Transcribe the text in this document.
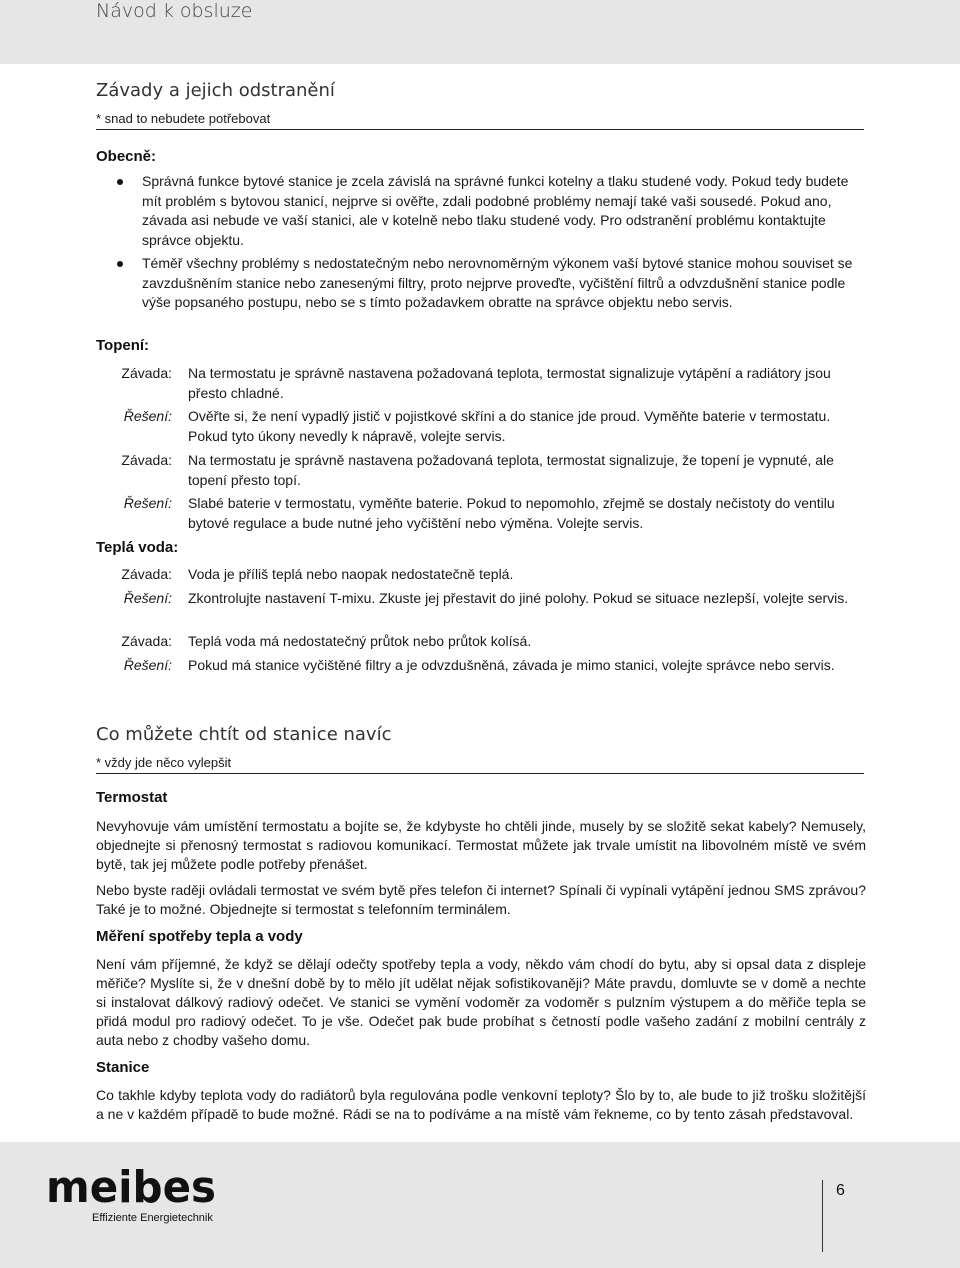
Návod k obsluze
Závady a jejich odstranění
* snad to nebudete potřebovat
Obecně:
Správná funkce bytové stanice je zcela závislá na správné funkci kotelny a tlaku studené vody. Pokud tedy budete mít problém s bytovou stanicí, nejprve si ověřte, zdali podobné problémy nemají také vaši sousedé. Pokud ano, závada asi nebude ve vaší stanici, ale v kotelně nebo tlaku studené vody. Pro odstranění problému kontaktujte správce objektu.
Téměř všechny problémy s nedostatečným nebo nerovnoměrným výkonem vaší bytové stanice mohou souviset se zavzdušněním stanice nebo zanesenými filtry, proto nejprve proveďte, vyčištění filtrů a odvzdušnění stanice podle výše popsaného postupu, nebo se s tímto požadavkem obratte na správce objektu nebo servis.
Topení:
Závada: Na termostatu je správně nastavena požadovaná teplota, termostat signalizuje vytápění a radiátory jsou přesto chladné.
Řešení: Ověřte si, že není vypadlý jistič v pojistkové skříni a do stanice jde proud. Vyměňte baterie v termostatu. Pokud tyto úkony nevedly k nápravě, volejte servis.
Závada: Na termostatu je správně nastavena požadovaná teplota, termostat signalizuje, že topení je vypnuté, ale topení přesto topí.
Řešení: Slabé baterie v termostatu, vyměňte baterie. Pokud to nepomohlo, zřejmě se dostaly nečistoty do ventilu bytové regulace a bude nutné jeho vyčištění nebo výměna. Volejte servis.
Teplá voda:
Závada: Voda je příliš teplá nebo naopak nedostatečně teplá.
Řešení: Zkontrolujte nastavení T-mixu. Zkuste jej přestavit do jiné polohy. Pokud se situace nezlepší, volejte servis.
Závada: Teplá voda má nedostatečný průtok nebo průtok kolísá.
Řešení: Pokud má stanice vyčištěné filtry a je odvzdušněná, závada je mimo stanici, volejte správce nebo servis.
Co můžete chtít od stanice navíc
* vždy jde něco vylepšit
Termostat
Nevyhovuje vám umístění termostatu a bojíte se, že kdybyste ho chtěli jinde, musely by se složitě sekat kabely? Nemusely, objednejte si přenosný termostat s radiovou komunikací. Termostat můžete jak trvale umístit na libovolném místě ve svém bytě, tak jej můžete podle potřeby přenášet.
Nebo byste raději ovládali termostat ve svém bytě přes telefon či internet? Spínali či vypínali vytápění jednou SMS zprávou? Také je to možné. Objednejte si termostat s telefonním terminálem.
Měření spotřeby tepla a vody
Není vám příjemné, že když se dělají odečty spotřeby tepla a vody, někdo vám chodí do bytu, aby si opsal data z displeje měřiče? Myslíte si, že v dnešní době by to mělo jít udělat nějak sofistikovaněji? Máte pravdu, domluvte se v domě a nechte si instalovat dálkový radiový odečet. Ve stanici se vymění vodoměr za vodoměr s pulzním výstupem a do měřiče tepla se přidá modul pro radiový odečet. To je vše. Odečet pak bude probíhat s četností podle vašeho zadání z mobilní centrály z auta nebo z chodby vašeho domu.
Stanice
Co takhle kdyby teplota vody do radiátorů byla regulována podle venkovní teploty? Šlo by to, ale bude to již trošku složitější a ne v každém případě to bude možné. Rádi se na to podíváme a na místě vám řekneme, co by tento zásah představoval.
meibes
Effiziente Energietechnik
6
